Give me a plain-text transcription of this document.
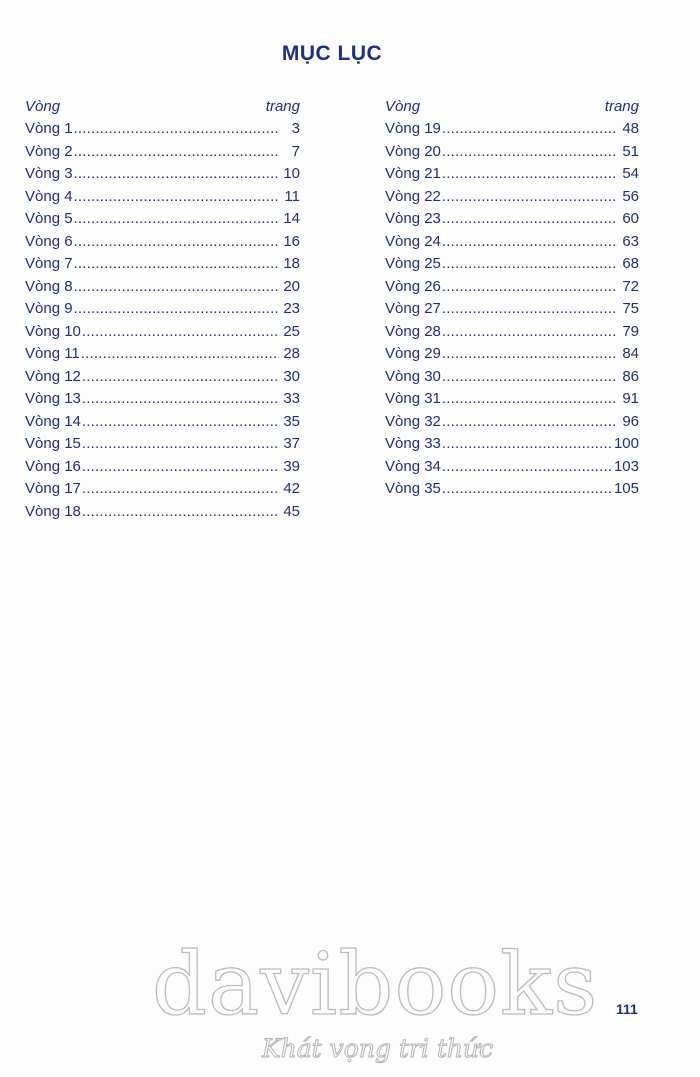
MỤC LỤC
Vòng	trang
Vòng 1 .....	3
Vòng 2 .....	7
Vòng 3 .....	10
Vòng 4 .....	11
Vòng 5 .....	14
Vòng 6 .....	16
Vòng 7 .....	18
Vòng 8 .....	20
Vòng 9 .....	23
Vòng 10 .....	25
Vòng 11 .....	28
Vòng 12 .....	30
Vòng 13 .....	33
Vòng 14 .....	35
Vòng 15 .....	37
Vòng 16 .....	39
Vòng 17 .....	42
Vòng 18 .....	45
Vòng	trang
Vòng 19 .....	48
Vòng 20 .....	51
Vòng 21 .....	54
Vòng 22 .....	56
Vòng 23 .....	60
Vòng 24 .....	63
Vòng 25 .....	68
Vòng 26 .....	72
Vòng 27 .....	75
Vòng 28 .....	79
Vòng 29 .....	84
Vòng 30 .....	86
Vòng 31 .....	91
Vòng 32 .....	96
Vòng 33 .....	100
Vòng 34 .....	103
Vòng 35 .....	105
111
davibooks
Khát vọng tri thức
